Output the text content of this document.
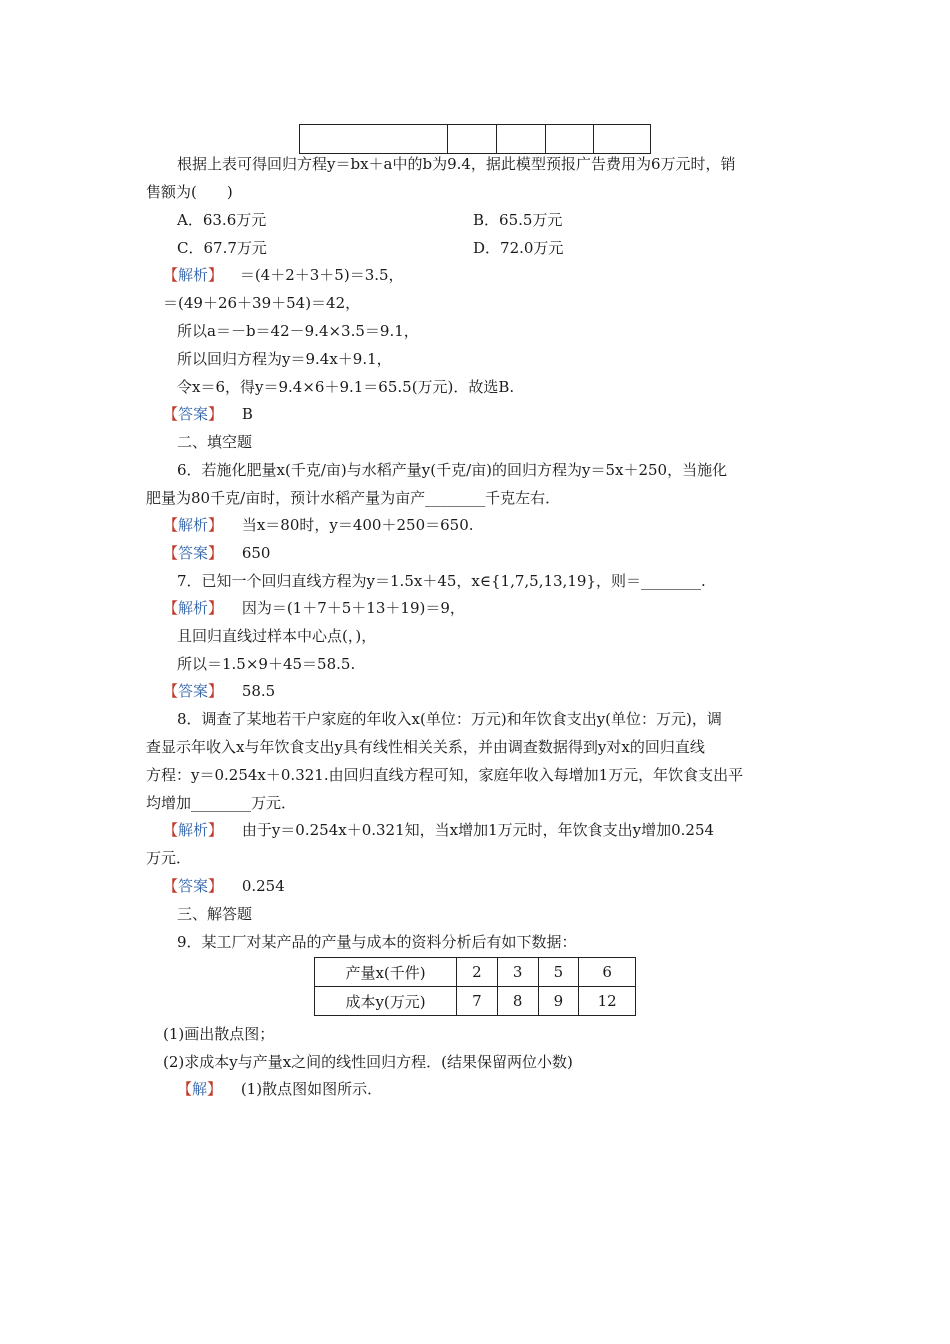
根据上表可得回归方程y＝bx＋a中的b为9.4，据此模型预报广告费用为6万元时，销
售额为(　　)
A．63.6万元	B．65.5万元
C．67.7万元	D．72.0万元
【解析】 ＝(4＋2＋3＋5)＝3.5，
＝(49＋26＋39＋54)＝42，
所以a＝－b＝42－9.4×3.5＝9.1，
所以回归方程为y＝9.4x＋9.1，
令x＝6，得y＝9.4×6＋9.1＝65.5(万元)．故选B.
【答案】 B
二、填空题
6．若施化肥量x(千克/亩)与水稻产量y(千克/亩)的回归方程为y＝5x＋250，当施化
肥量为80千克/亩时，预计水稻产量为亩产________千克左右．
【解析】 当x＝80时，y＝400＋250＝650.
【答案】 650
7．已知一个回归直线方程为y＝1.5x＋45，x∈{1,7,5,13,19}，则＝________.
【解析】 因为＝(1＋7＋5＋13＋19)＝9，
且回归直线过样本中心点(，)，
所以＝1.5×9＋45＝58.5.
【答案】 58.5
8．调查了某地若干户家庭的年收入x(单位：万元)和年饮食支出y(单位：万元)，调
查显示年收入x与年饮食支出y具有线性相关关系，并由调查数据得到y对x的回归直线
方程：y＝0.254x＋0.321.由回归直线方程可知，家庭年收入每增加1万元，年饮食支出平
均增加________万元．
【解析】 由于y＝0.254x＋0.321知，当x增加1万元时，年饮食支出y增加0.254
万元．
【答案】 0.254
三、解答题
9．某工厂对某产品的产量与成本的资料分析后有如下数据：
产量x(千件)	2	3	5	6
成本y(万元)	7	8	9	12
(1)画出散点图；
(2)求成本y与产量x之间的线性回归方程．(结果保留两位小数)
【解】 (1)散点图如图所示．
